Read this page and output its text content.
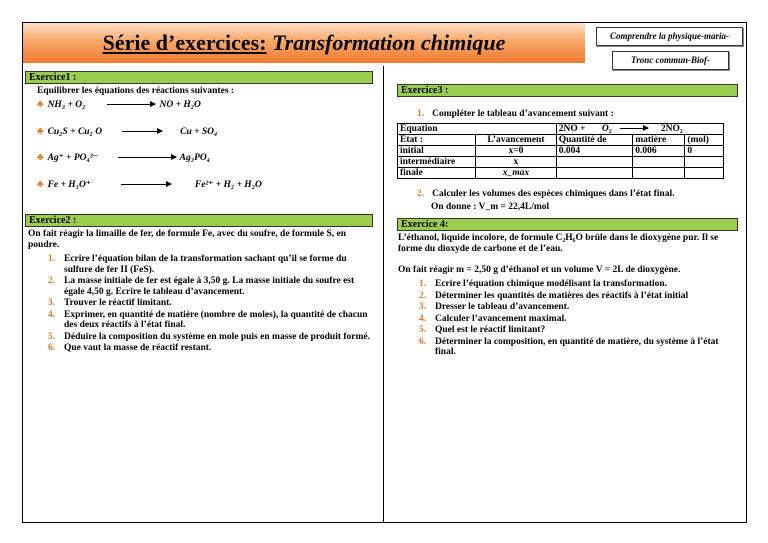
Série d’exercices: Transformation chimique	Comprendre la physique-maria-
Tronc commun-Biof-
Exercice1 :
Equilibrer les équations des réactions suivantes :
♣ NH₃ + O₂	NO + H₂O
♣ Cu₂S + Cu₂ O	Cu + SO₄
♣ Ag⁺ + PO₄³⁻	Ag₃PO₄
♣ Fe + H₃O⁺	Fe²⁺ + H₂ + H₂O
Exercice2 :
On fait réagir la limaille de fer, de formule Fe, avec du soufre, de formule S, en poudre.
1. Ecrire l’équation bilan de la transformation sachant qu’il se forme du sulfure de fer II (FeS).
2. La masse initiale de fer est égale à 3,50 g. La masse initiale du soufre est égale 4,50 g. Ecrire le tableau d’avancement.
3. Trouver le réactif limitant.
4. Exprimer, en quantité de matière (nombre de moles), la quantité de chacun des deux réactifs à l’état final.
5. Déduire la composition du système en mole puis en masse de produit formé.
6. Que vaut la masse de réactif restant.
Exercice3 :
1. Compléter le tableau d’avancement suivant :
Equation		2NO + O₂ 2NO₂		
Etat :	L’avancement	Quantité de	matière	(mol)
initial	x=0	0.004	0.006	0
intermédiaire	x			
finale	x_max			
2. Calculer les volumes des espèces chimiques dans l’état final.
On donne : V_m = 22,4L/mol
Exercice 4:
L’éthanol, liquide incolore, de formule C₂H₆O brûle dans le dioxygène pur. Il se forme du dioxyde de carbone et de l’eau.
On fait réagir m = 2,50 g d’éthanol et un volume V = 2L de dioxygène.
1. Ecrire l’équation chimique modélisant la transformation.
2. Déterminer les quantités de matières des réactifs à l’état initial
3. Dresser le tableau d’avancement.
4. Calculer l’avancement maximal.
5. Quel est le réactif limitant?
6. Déterminer la composition, en quantité de matière, du système à l’état final.
